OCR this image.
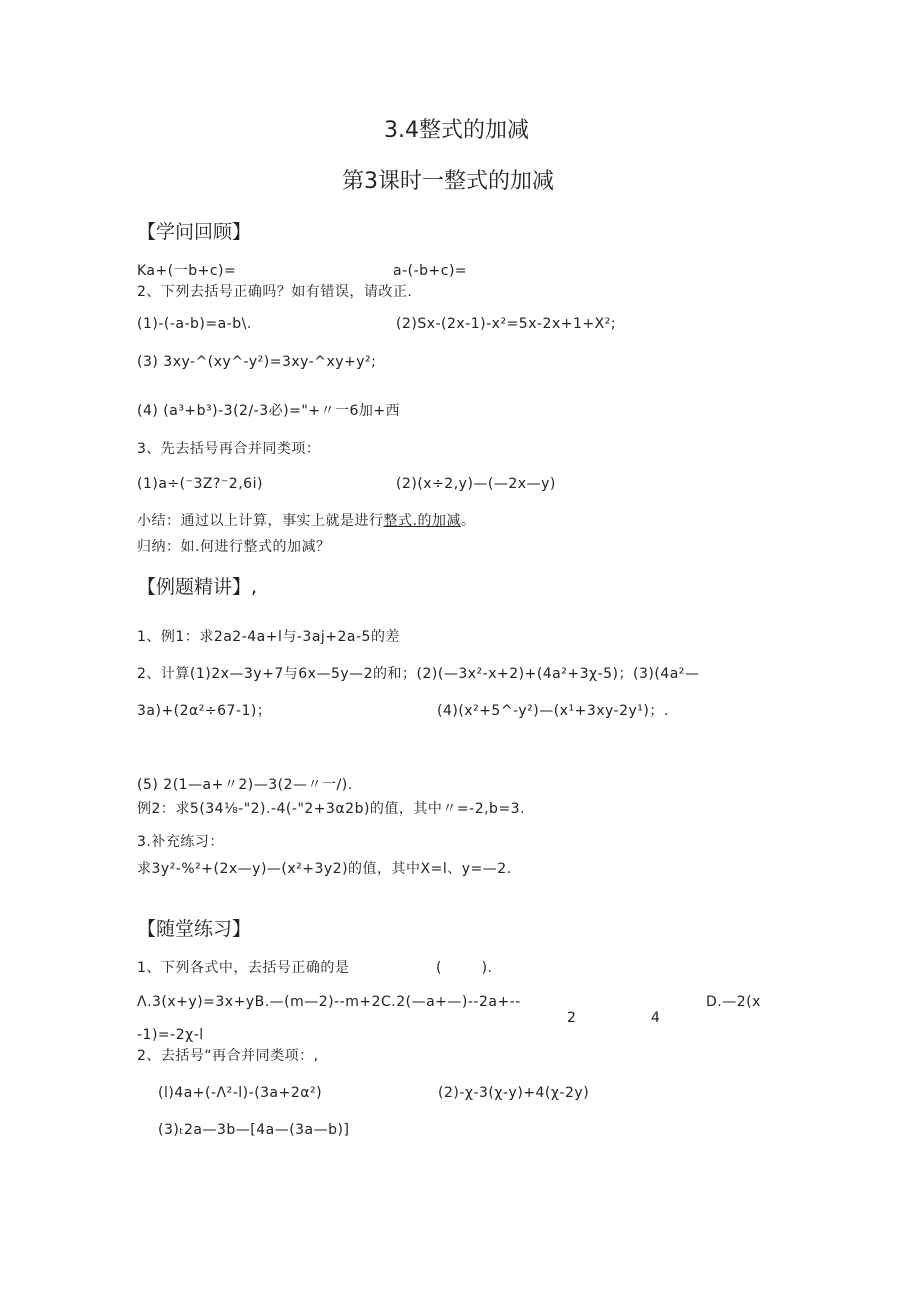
3.4整式的加减
第3课时一整式的加减
【学问回顾】
Ka+(一b+c)=	a-(-b+c)=
2、下列去括号正确吗？如有错误，请改正.
(1)-(-a-b)=a-b\.	(2)Sx-(2x-1)-x²=5x-2x+1+X²;
(3) 3xy-^(xy^-y²)=3xy-^xy+y²;
(4) (a³+b³)-3(2/-3必)="+〃一6加+西
3、先去括号再合并同类项：
(1)a÷(⁻3Z?⁻2,6i)	(2)(x÷2,y)—(—2x—y)
小结：通过以上计算，事实上就是进行整式.的加减。
归纳：如.何进行整式的加减？
【例题精讲】,
1、例1：求2a2-4a+l与-3aj+2a-5的差
2、计算(1)2x—3y+7与6x—5y—2的和；(2)(—3x²-x+2)+(4a²+3χ-5)；(3)(4a²—
3a)+(2α²÷67-1)；	(4)(x²+5^-y²)—(x¹+3xy-2y¹)；.
(5) 2(1—a+〃2)—3(2—〃一/).
例2：求5(34⅛-"2).-4(-"2+3α2b)的值，其中〃=-2,b=3.
3.补充练习：
求3y²-%²+(2x—y)—(x²+3y2)的值，其中X=l、y=—2.
【随堂练习】
1、下列各式中，去括号正确的是	(        ).
Λ.3(x+y)=3x+yB.—(m—2)--m+2C.2(—a+—)--2a+--	D.—2(x
2	4
-1)=-2χ-l
2、去括号“再合并同类项：,
(l)4a+(-Λ²-l)-(3a+2α²)	(2)-χ-3(χ-y)+4(χ-2y)
(3)ₜ2a—3b—[4a—(3a—b)]
